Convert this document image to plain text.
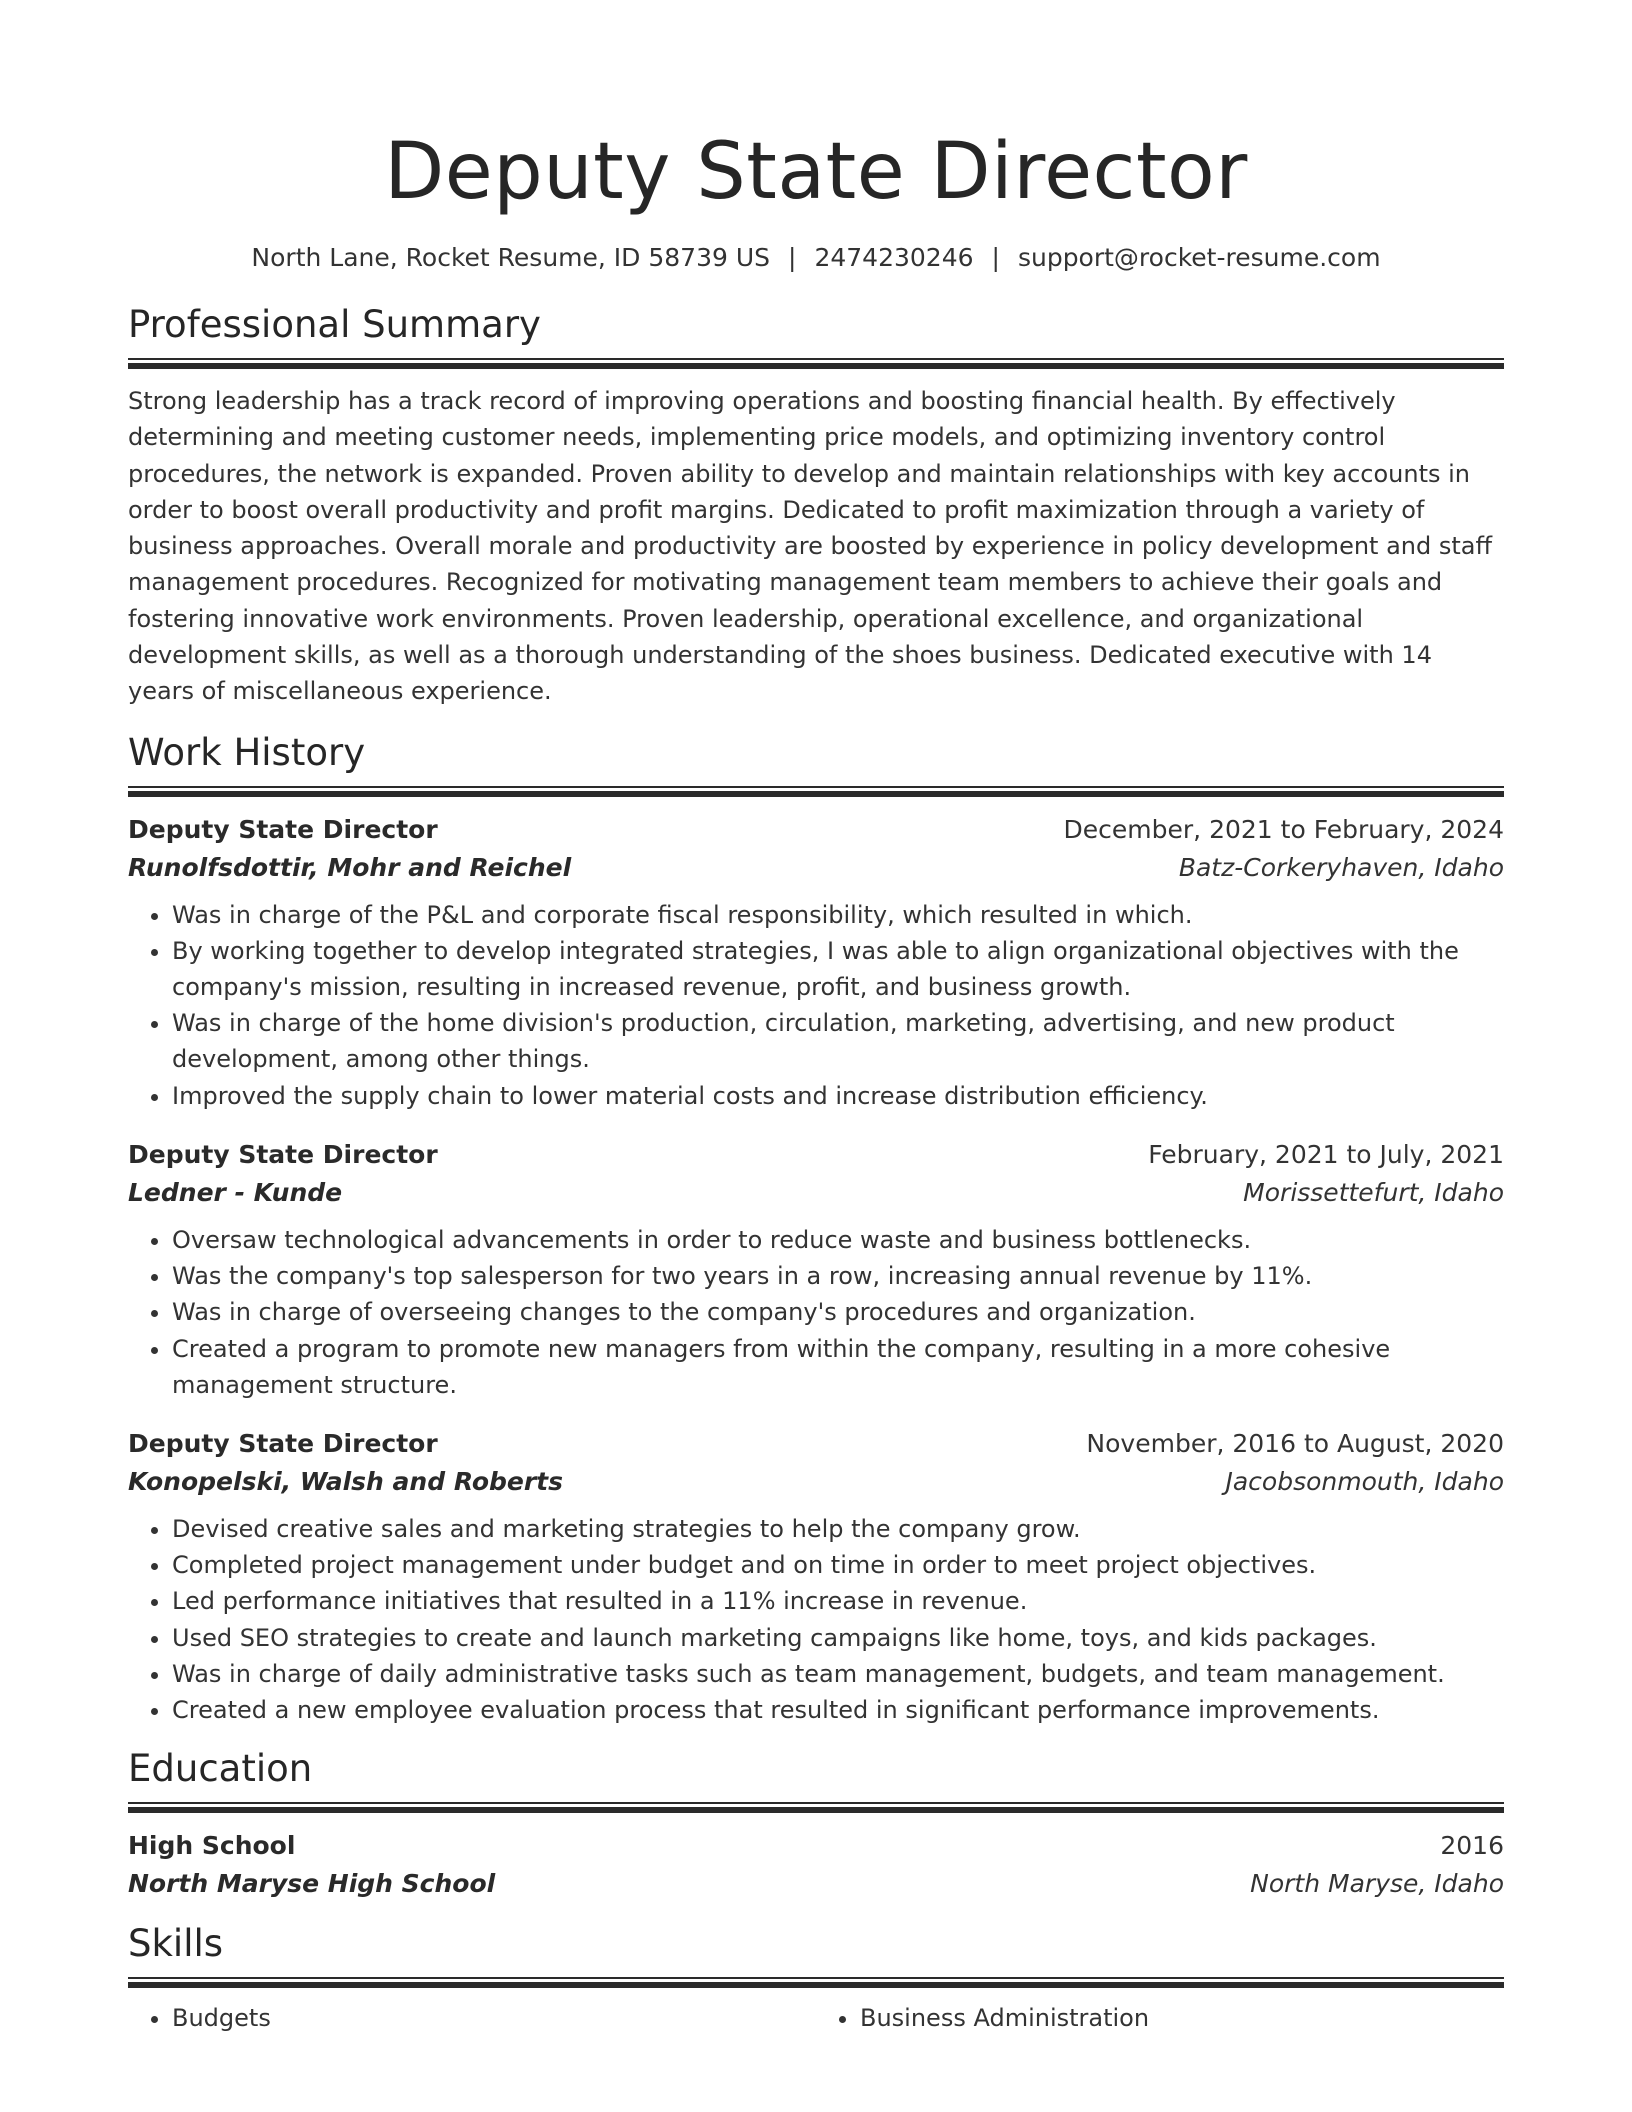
Deputy State Director
North Lane, Rocket Resume, ID 58739 US | 2474230246 | support@rocket-resume.com
Professional Summary
Strong leadership has a track record of improving operations and boosting financial health. By effectively determining and meeting customer needs, implementing price models, and optimizing inventory control procedures, the network is expanded. Proven ability to develop and maintain relationships with key accounts in order to boost overall productivity and profit margins. Dedicated to profit maximization through a variety of business approaches. Overall morale and productivity are boosted by experience in policy development and staff management procedures. Recognized for motivating management team members to achieve their goals and fostering innovative work environments. Proven leadership, operational excellence, and organizational development skills, as well as a thorough understanding of the shoes business. Dedicated executive with 14 years of miscellaneous experience.
Work History
Deputy State Director	December, 2021 to February, 2024
Runolfsdottir, Mohr and Reichel	Batz-Corkeryhaven, Idaho
• Was in charge of the P&L and corporate fiscal responsibility, which resulted in which.
• By working together to develop integrated strategies, I was able to align organizational objectives with the company's mission, resulting in increased revenue, profit, and business growth.
• Was in charge of the home division's production, circulation, marketing, advertising, and new product development, among other things.
• Improved the supply chain to lower material costs and increase distribution efficiency.
Deputy State Director	February, 2021 to July, 2021
Ledner - Kunde	Morissettefurt, Idaho
• Oversaw technological advancements in order to reduce waste and business bottlenecks.
• Was the company's top salesperson for two years in a row, increasing annual revenue by 11%.
• Was in charge of overseeing changes to the company's procedures and organization.
• Created a program to promote new managers from within the company, resulting in a more cohesive management structure.
Deputy State Director	November, 2016 to August, 2020
Konopelski, Walsh and Roberts	Jacobsonmouth, Idaho
• Devised creative sales and marketing strategies to help the company grow.
• Completed project management under budget and on time in order to meet project objectives.
• Led performance initiatives that resulted in a 11% increase in revenue.
• Used SEO strategies to create and launch marketing campaigns like home, toys, and kids packages.
• Was in charge of daily administrative tasks such as team management, budgets, and team management.
• Created a new employee evaluation process that resulted in significant performance improvements.
Education
High School	2016
North Maryse High School	North Maryse, Idaho
Skills
• Budgets
•	Business Administration
